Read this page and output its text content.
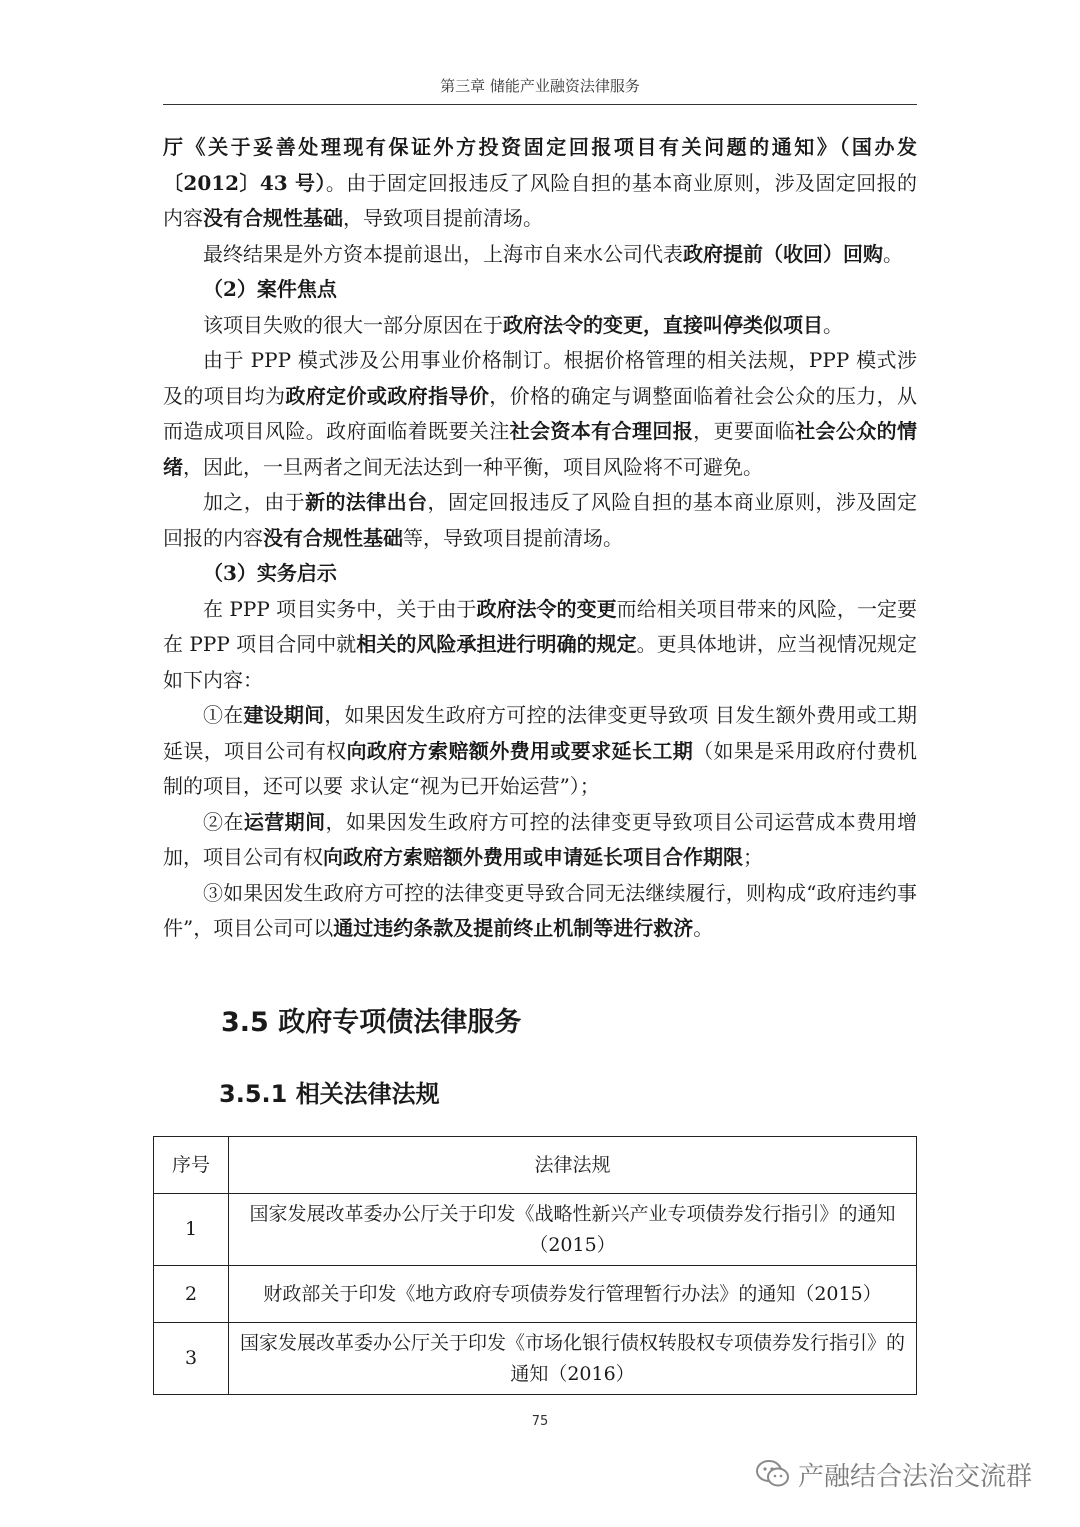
第三章 储能产业融资法律服务

厅《关于妥善处理现有保证外方投资固定回报项目有关问题的通知》（国办发〔2012〕43 号）。由于固定回报违反了风险自担的基本商业原则，涉及固定回报的内容没有合规性基础，导致项目提前清场。

最终结果是外方资本提前退出，上海市自来水公司代表政府提前（收回）回购。

（2）案件焦点

该项目失败的很大一部分原因在于政府法令的变更，直接叫停类似项目。

由于 PPP 模式涉及公用事业价格制订。根据价格管理的相关法规，PPP 模式涉及的项目均为政府定价或政府指导价，价格的确定与调整面临着社会公众的压力，从而造成项目风险。政府面临着既要关注社会资本有合理回报，更要面临社会公众的情绪，因此，一旦两者之间无法达到一种平衡，项目风险将不可避免。

加之，由于新的法律出台，固定回报违反了风险自担的基本商业原则，涉及固定回报的内容没有合规性基础等，导致项目提前清场。

（3）实务启示

在 PPP 项目实务中，关于由于政府法令的变更而给相关项目带来的风险，一定要在 PPP 项目合同中就相关的风险承担进行明确的规定。更具体地讲，应当视情况规定如下内容：

①在建设期间，如果因发生政府方可控的法律变更导致项 目发生额外费用或工期延误，项目公司有权向政府方索赔额外费用或要求延长工期（如果是采用政府付费机制的项目，还可以要 求认定“视为已开始运营”）；

②在运营期间，如果因发生政府方可控的法律变更导致项目公司运营成本费用增加，项目公司有权向政府方索赔额外费用或申请延长项目合作期限；

③如果因发生政府方可控的法律变更导致合同无法继续履行，则构成“政府违约事件”，项目公司可以通过违约条款及提前终止机制等进行救济。

3.5 政府专项债法律服务
3.5.1 相关法律法规
序号	法律法规
1	国家发展改革委办公厅关于印发《战略性新兴产业专项债券发行指引》的通知（2015）
2	财政部关于印发《地方政府专项债券发行管理暂行办法》的通知（2015）
3	国家发展改革委办公厅关于印发《市场化银行债权转股权专项债券发行指引》的通知（2016）
75
产融结合法治交流群
